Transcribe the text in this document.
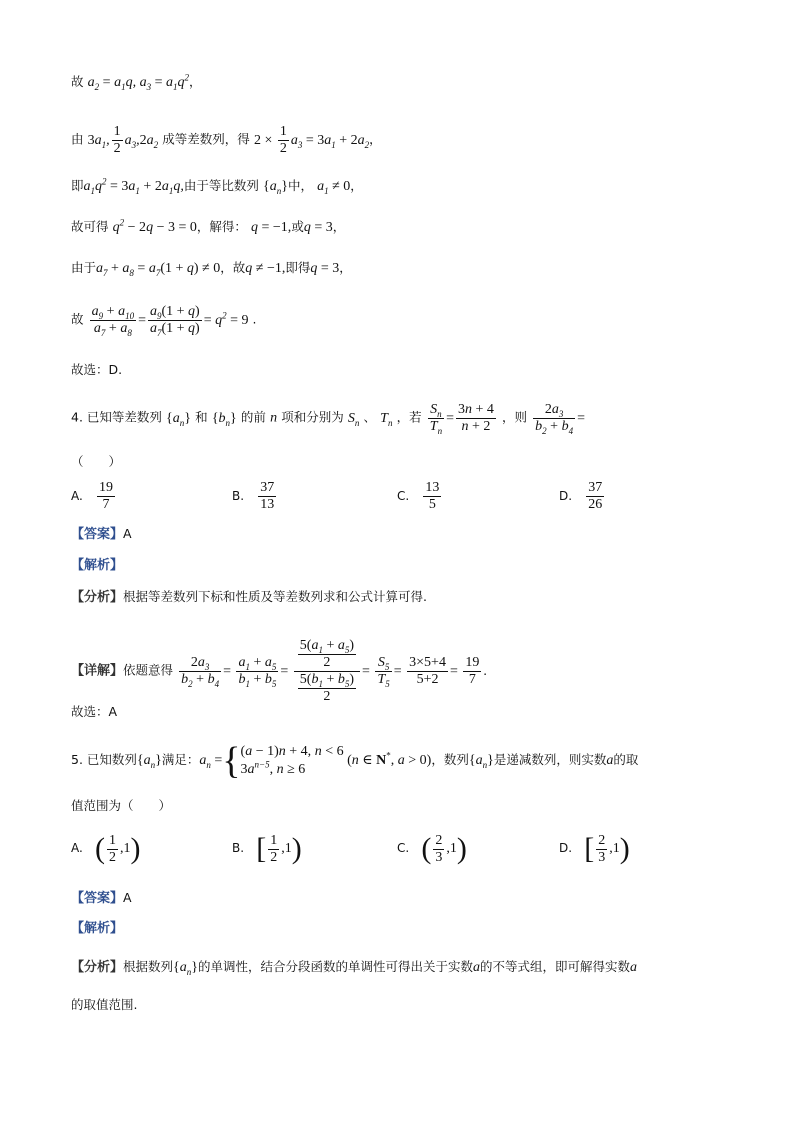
故 $a_2 = a_1q$, $a_3 = a_1q^2$，
由 $3a_1$, $\frac{1}{2} a_3,2a_2$ 成等差数列，得 $2 \times \frac{1}{2} a_3 = 3a_1 + 2a_2$，
即$a_1q^2 = 3a_1 + 2a_1q$,由于等比数列 $\{a_n\}$中， $a_1 \ne 0$，
故可得 $q^2 - 2q - 3 = 0$，解得： q = −1,或q = 3，
由于$a_7 + a_8 = a_7(1 + q) \ne 0$，故q ≠ −1,即得q = 3，
故 $\frac{a_9 + a_{10}}{a_7 + a_8} = \frac{a_9(1 + q)}{a_7(1 + q)} = q^2 = 9$ .
故选：D.
4. 已知等差数列 $\{a_n\}$ 和 $\{b_n\}$ 的前 n 项和分别为 $S_n$ 、 $T_n$ ，若 $\frac{S_n}{T_n} = \frac{3n + 4}{n + 2}$ ，则 $\frac{2a_3}{b_2 + b_4}$ =
（　　）
A. $\frac{19}{7}$	B. $\frac{37}{13}$	C. $\frac{13}{5}$	D. $\frac{37}{26}$
【答案】A
【解析】
【分析】根据等差数列下标和性质及等差数列求和公式计算可得.
【详解】依题意得 $\frac{2a_3}{b_2 + b_4} = \frac{a_1 + a_5}{b_1 + b_5} = \frac{\frac{5(a_1 + a_5)}{2}}{\frac{5(b_1 + b_5)}{2}} = \frac{S_5}{T_5} = \frac{3\times 5+4}{5+2} = \frac{19}{7}$ .
故选：A
5. 已知数列$\{a_n\}$满足：$a_n$ ={ (a − 1)n + 4, n < 6
$3a^{n-5}$, n ≥ 6
(n ∈ N*, a > 0)，数列$\{a_n\}$是递减数列，则实数a的取
值范围为（　　）
A. ( $\frac{1}{2} ,1$)	B. [ $\frac{1}{2} ,1$)	C. ( $\frac{2}{3} ,1$)	D. [ $\frac{2}{3} ,1$)
【答案】A
【解析】
【分析】根据数列$\{a_n\}$的单调性，结合分段函数的单调性可得出关于实数a的不等式组，即可解得实数a
的取值范围.
